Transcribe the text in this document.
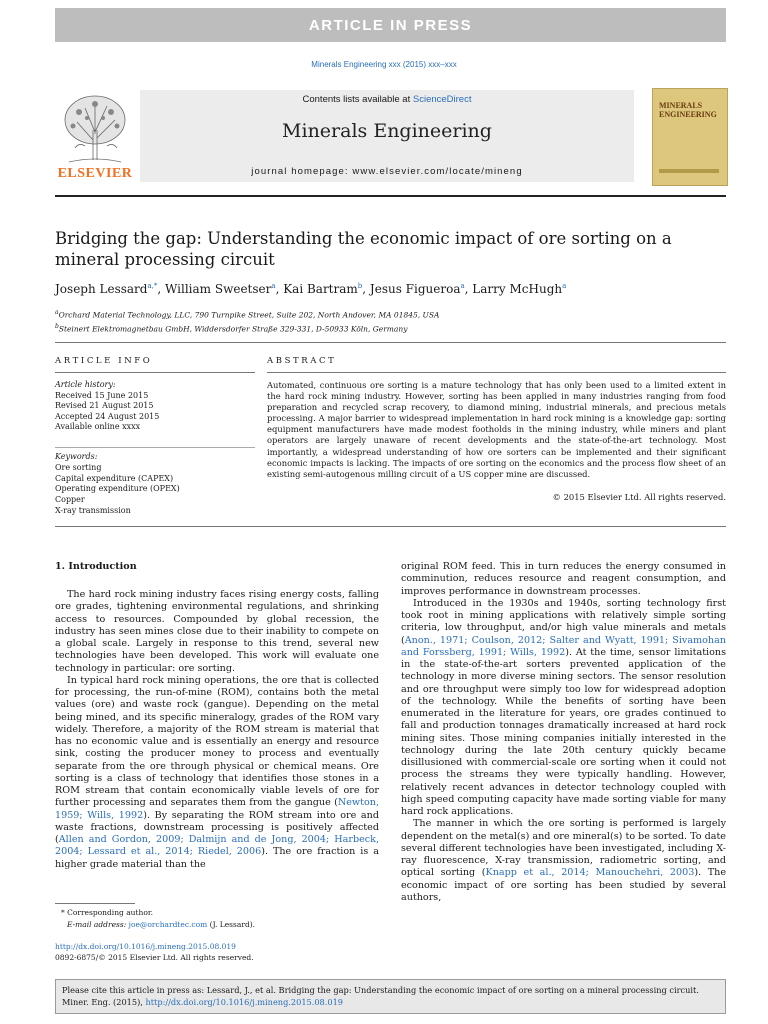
ARTICLE IN PRESS
Minerals Engineering xxx (2015) xxx–xxx
ELSEVIER
Contents lists available at ScienceDirect
Minerals Engineering
journal homepage: www.elsevier.com/locate/mineng
MINERALS ENGINEERING
Bridging the gap: Understanding the economic impact of ore sorting on a mineral processing circuit
Joseph Lessard$^{a,*}$, William Sweetser$^a$, Kai Bartram$^b$, Jesus Figueroa$^a$, Larry McHugh$^a$
$^a$Orchard Material Technology, LLC, 790 Turnpike Street, Suite 202, North Andover, MA 01845, USA
$^b$Steinert Elektromagnetbau GmbH, Widdersdorfer Straße 329-331, D-50933 Köln, Germany
ARTICLE INFO	ABSTRACT
Article history:
Received 15 June 2015
Revised 21 August 2015
Accepted 24 August 2015
Available online xxxx
Keywords:
Ore sorting
Capital expenditure (CAPEX)
Operating expenditure (OPEX)
Copper
X-ray transmission
Automated, continuous ore sorting is a mature technology that has only been used to a limited extent in the hard rock mining industry. However, sorting has been applied in many industries ranging from food preparation and recycled scrap recovery, to diamond mining, industrial minerals, and precious metals processing. A major barrier to widespread implementation in hard rock mining is a knowledge gap: sorting equipment manufacturers have made modest footholds in the mining industry, while miners and plant operators are largely unaware of recent developments and the state-of-the-art technology. Most importantly, a widespread understanding of how ore sorters can be implemented and their significant economic impacts is lacking. The impacts of ore sorting on the economics and the process flow sheet of an existing semi-autogenous milling circuit of a US copper mine are discussed.
© 2015 Elsevier Ltd. All rights reserved.
1. Introduction

The hard rock mining industry faces rising energy costs, falling ore grades, tightening environmental regulations, and shrinking access to resources. Compounded by global recession, the industry has seen mines close due to their inability to compete on a global scale. Largely in response to this trend, several new technologies have been developed. This work will evaluate one technology in particular: ore sorting.

In typical hard rock mining operations, the ore that is collected for processing, the run-of-mine (ROM), contains both the metal values (ore) and waste rock (gangue). Depending on the metal being mined, and its specific mineralogy, grades of the ROM vary widely. Therefore, a majority of the ROM stream is material that has no economic value and is essentially an energy and resource sink, costing the producer money to process and eventually separate from the ore through physical or chemical means. Ore sorting is a class of technology that identifies those stones in a ROM stream that contain economically viable levels of ore for further processing and separates them from the gangue (Newton, 1959; Wills, 1992). By separating the ROM stream into ore and waste fractions, downstream processing is positively affected (Allen and Gordon, 2009; Dalmijn and de Jong, 2004; Harbeck, 2004; Lessard et al., 2014; Riedel, 2006). The ore fraction is a higher grade material than the

original ROM feed. This in turn reduces the energy consumed in comminution, reduces resource and reagent consumption, and improves performance in downstream processes.

Introduced in the 1930s and 1940s, sorting technology first took root in mining applications with relatively simple sorting criteria, low throughput, and/or high value minerals and metals (Anon., 1971; Coulson, 2012; Salter and Wyatt, 1991; Sivamohan and Forssberg, 1991; Wills, 1992). At the time, sensor limitations in the state-of-the-art sorters prevented application of the technology in more diverse mining sectors. The sensor resolution and ore throughput were simply too low for widespread adoption of the technology. While the benefits of sorting have been enumerated in the literature for years, ore grades continued to fall and production tonnages dramatically increased at hard rock mining sites. Those mining companies initially interested in the technology during the late 20th century quickly became disillusioned with commercial-scale ore sorting when it could not process the streams they were typically handling. However, relatively recent advances in detector technology coupled with high speed computing capacity have made sorting viable for many hard rock applications.

The manner in which the ore sorting is performed is largely dependent on the metal(s) and ore mineral(s) to be sorted. To date several different technologies have been investigated, including X-ray fluorescence, X-ray transmission, radiometric sorting, and optical sorting (Knapp et al., 2014; Manouchehri, 2003). The economic impact of ore sorting has been studied by several authors,

* Corresponding author.
E-mail address: joe@orchardtec.com (J. Lessard).
http://dx.doi.org/10.1016/j.mineng.2015.08.019
0892-6875/© 2015 Elsevier Ltd. All rights reserved.
Please cite this article in press as: Lessard, J., et al. Bridging the gap: Understanding the economic impact of ore sorting on a mineral processing circuit. Miner. Eng. (2015), http://dx.doi.org/10.1016/j.mineng.2015.08.019
